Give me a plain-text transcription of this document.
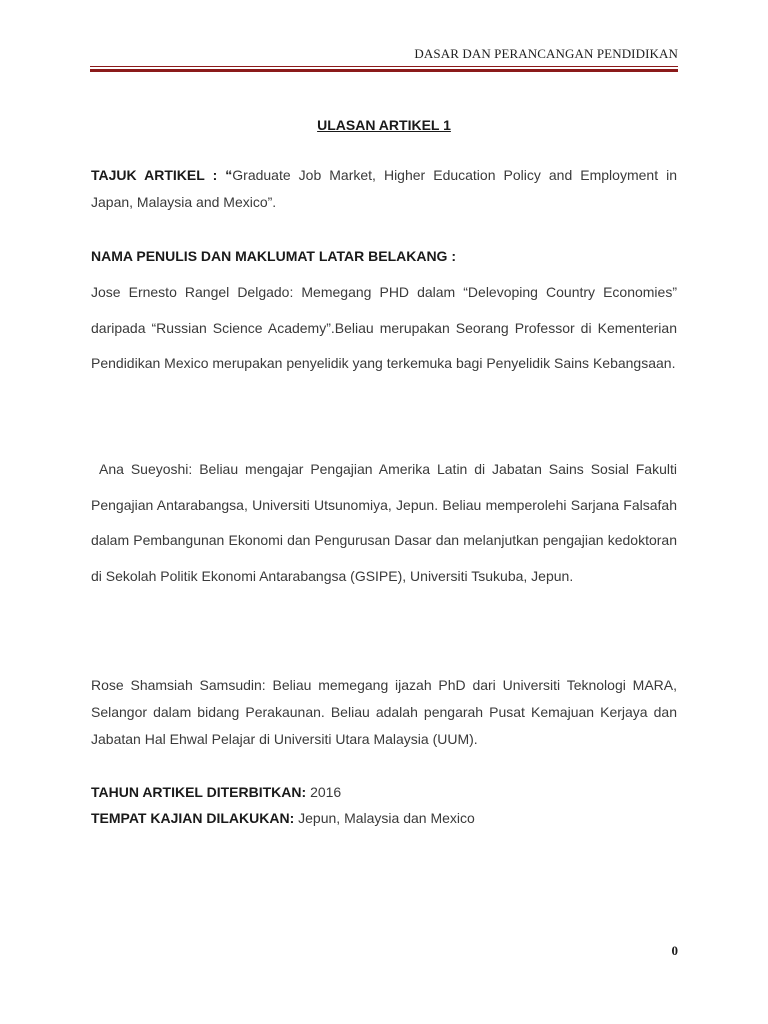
DASAR DAN PERANCANGAN PENDIDIKAN
ULASAN ARTIKEL 1
TAJUK ARTIKEL : “Graduate Job Market, Higher Education Policy and Employment in Japan, Malaysia and Mexico”.
NAMA PENULIS DAN MAKLUMAT LATAR BELAKANG :
Jose Ernesto Rangel Delgado: Memegang PHD dalam “Delevoping Country Economies” daripada “Russian Science Academy”.Beliau merupakan Seorang Professor di Kementerian Pendidikan Mexico merupakan penyelidik yang terkemuka bagi Penyelidik Sains Kebangsaan.
Ana Sueyoshi: Beliau mengajar Pengajian Amerika Latin di Jabatan Sains Sosial Fakulti Pengajian Antarabangsa, Universiti Utsunomiya, Jepun. Beliau memperolehi Sarjana Falsafah dalam Pembangunan Ekonomi dan Pengurusan Dasar dan melanjutkan pengajian kedoktoran di Sekolah Politik Ekonomi Antarabangsa (GSIPE), Universiti Tsukuba, Jepun.
Rose Shamsiah Samsudin: Beliau memegang ijazah PhD dari Universiti Teknologi MARA, Selangor dalam bidang Perakaunan. Beliau adalah pengarah Pusat Kemajuan Kerjaya dan Jabatan Hal Ehwal Pelajar di Universiti Utara Malaysia (UUM).
TAHUN ARTIKEL DITERBITKAN: 2016
TEMPAT KAJIAN DILAKUKAN: Jepun, Malaysia dan Mexico
0
